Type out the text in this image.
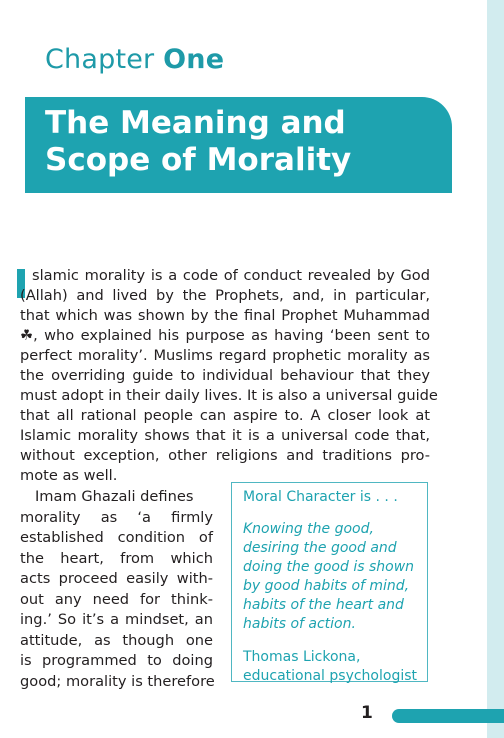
Chapter One
The Meaning and
Scope of Morality
slamic morality is a code of conduct revealed by God
(Allah) and lived by the Prophets, and, in particular,
that which was shown by the final Prophet Muhammad
☘, who explained his purpose as having ‘been sent to
perfect morality’. Muslims regard prophetic morality as
the overriding guide to individual behaviour that they
must adopt in their daily lives. It is also a universal guide
that all rational people can aspire to. A closer look at
Islamic morality shows that it is a universal code that,
without exception, other religions and traditions pro-
mote as well.
Imam Ghazali defines
morality as ‘a firmly
established condition of
the heart, from which
acts proceed easily with-
out any need for think-
ing.’ So it’s a mindset, an
attitude, as though one
is programmed to doing
good; morality is therefore
Moral Character is . . .
Knowing the good,
desiring the good and
doing the good is shown
by good habits of mind,
habits of the heart and
habits of action.
Thomas Lickona,
educational psychologist
1
